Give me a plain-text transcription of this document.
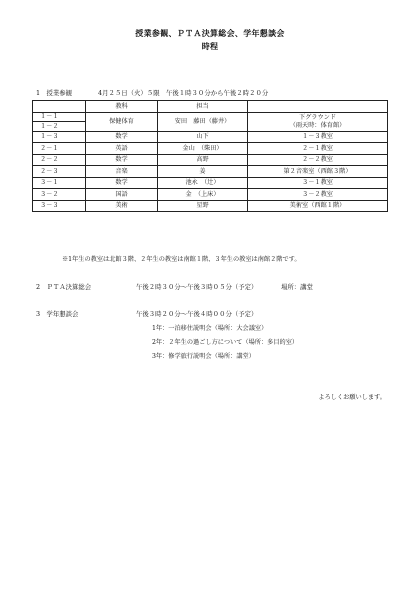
授業参観、ＰＴＡ決算総会、学年懇談会
時程
1　授業参観	4月２５日（火）５限　午後１時３０分から午後２時２０分
	教科	担当	
１－１	保健体育	安田　藤田（藤井）	下グラウンド
（雨天時：体育館）

１－２			
１－３	数学	山下	１－３教室
２－１	英語	金山　（柴田）	２－１教室
２－２	数学	高野	２－２教室
２－３	音楽	姜	第２音楽室（西館３階）
３－１	数学	池永　（辻）	３－１教室
３－２	国語	金　（上床）	３－２教室
３－３	美術	星野	美術室（西館１階）
※1年生の教室は北館３階、２年生の教室は南館１階、３年生の教室は南館２階です。
2　ＰＴＡ決算総会	午後２時３０分～午後３時０５分（予定）	場所：講堂
3　学年懇談会	午後３時２０分～午後４時００分（予定）
1年：一泊移住説明会（場所：大会議室）
2年：２年生の過ごし方について（場所：多目的室）
3年：修学旅行説明会（場所：講堂）
よろしくお願いします。
